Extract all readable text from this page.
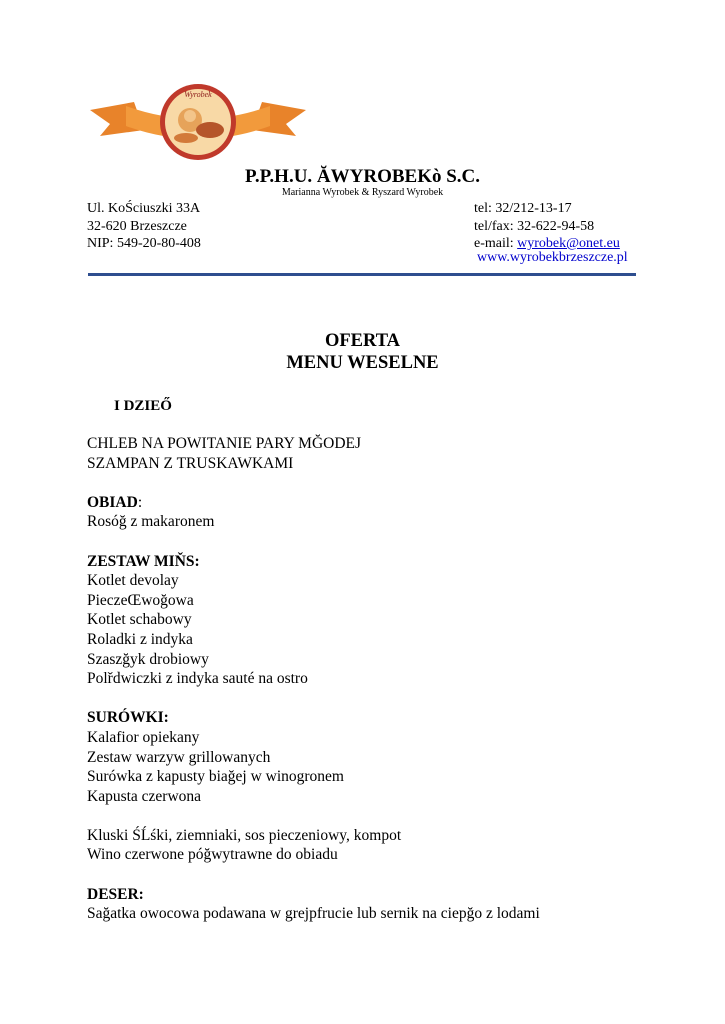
Wyrobek
P.P.H.U. ĂWYROBEKò S.C.
Marianna Wyrobek & Ryszard Wyrobek
Ul. KoŚciuszki 33A
32-620 Brzeszcze
NIP: 549-20-80-408
tel: 32/212-13-17
tel/fax: 32-622-94-58
e-mail: wyrobek@onet.eu
www.wyrobekbrzeszcze.pl
OFERTA
MENU WESELNE
I DZIEŐ
CHLEB NA POWITANIE PARY MĞODEJ
SZAMPAN Z TRUSKAWKAMI
OBIAD:
Rosóğ z makaronem
ZESTAW MIŇS:
Kotlet devolay
PieczeŒwoğowa
Kotlet schabowy
Roladki z indyka
Szaszğyk drobiowy
Polřdwiczki z indyka sauté na ostro
SURÓWKI:
Kalafior opiekany
Zestaw warzyw grillowanych
Surówka z kapusty biağej w winogronem
Kapusta czerwona
Kluski ŚĹśki, ziemniaki, sos pieczeniowy, kompot
Wino czerwone póğwytrawne do obiadu
DESER:
Sağatka owocowa podawana w grejpfrucie lub sernik na ciepğo z lodami
